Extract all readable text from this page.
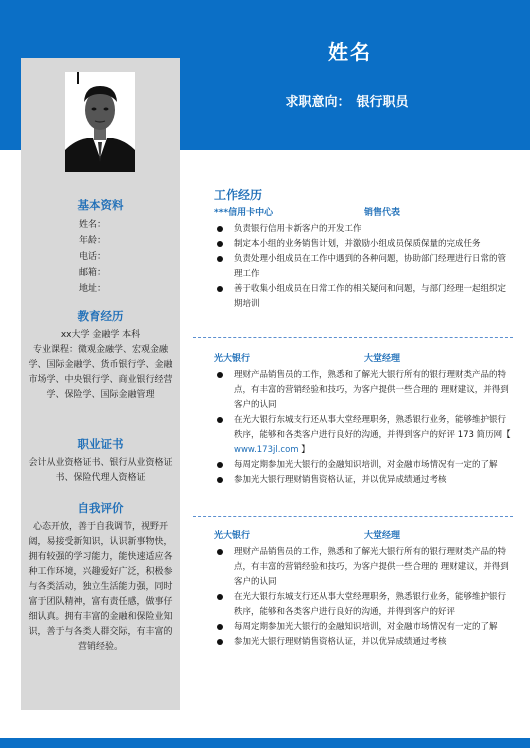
姓名
求职意向： 银行职员
基本资料
姓名：
年龄：
电话：
邮箱：
地址：
教育经历
xx大学 金融学 本科
专业课程：微观金融学、宏观金融学、国际金融学、货币银行学、金融市场学、中央银行学、商业银行经营学、保险学、国际金融管理
职业证书
会计从业资格证书、银行从业资格证书、保险代理人资格证
自我评价
心态开放，善于自我调节，视野开阔，易接受新知识，认识新事物快，拥有较强的学习能力，能快速适应各种工作环境，兴趣爱好广泛，积极参与各类活动，独立生活能力强，同时富于团队精神，富有责任感，做事仔细认真。拥有丰富的金融和保险业知识，善于与各类人群交际，有丰富的营销经验。
工作经历
***信用卡中心	销售代表
负责银行信用卡新客户的开发工作
制定本小组的业务销售计划，并激励小组成员保质保量的完成任务
负责处理小组成员在工作中遇到的各种问题，协助部门经理进行日常的管理工作
善于收集小组成员在日常工作的相关疑问和问题，与部门经理一起组织定期培训
光大银行	大堂经理
理财产品销售员的工作，熟悉和了解光大银行所有的银行理财类产品的特点，有丰富的营销经验和技巧，为客户提供一些合理的 理财建议，并得到客户的认同
在光大银行东城支行还从事大堂经理职务，熟悉银行业务，能够维护银行秩序，能够和各类客户进行良好的沟通，并得到客户的好评 173 简历网【 www.173jl.com 】
每周定期参加光大银行的金融知识培训，对金融市场情况有一定的了解
参加光大银行理财销售资格认证，并以优异成绩通过考核
光大银行	大堂经理
理财产品销售员的工作，熟悉和了解光大银行所有的银行理财类产品的特点，有丰富的营销经验和技巧，为客户提供一些合理的 理财建议，并得到客户的认同
在光大银行东城支行还从事大堂经理职务，熟悉银行业务，能够维护银行秩序，能够和各类客户进行良好的沟通，并得到客户的好评
每周定期参加光大银行的金融知识培训，对金融市场情况有一定的了解
参加光大银行理财销售资格认证，并以优异成绩通过考核
